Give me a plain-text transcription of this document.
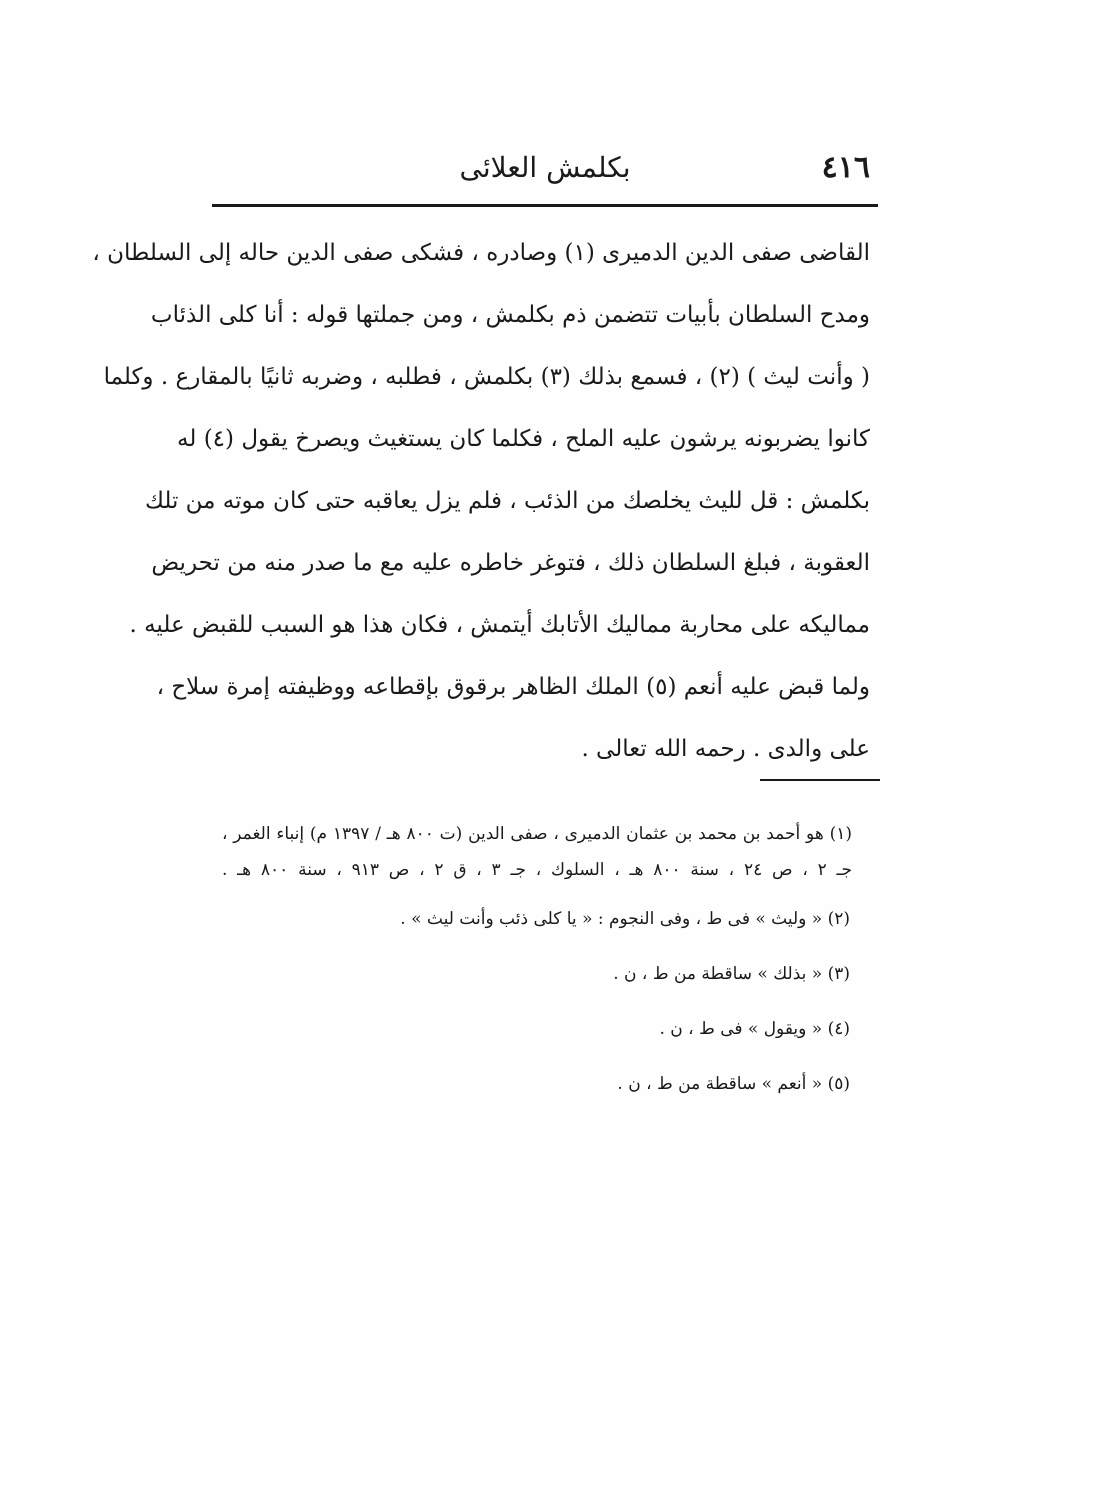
٤١٦
بكلمش العلائى
القاضى صفى الدين الدميرى (١) وصادره ، فشكى صفى الدين حاله إلى السلطان ،
ومدح السلطان بأبيات تتضمن ذم بكلمش ، ومن جملتها قوله : أنا كلى الذئاب
( وأنت ليث ) (٢) ، فسمع بذلك (٣) بكلمش ، فطلبه ، وضربه ثانيًا بالمقارع . وكلما
كانوا يضربونه يرشون عليه الملح ، فكلما كان يستغيث ويصرخ يقول (٤) له
بكلمش : قل لليث يخلصك من الذئب ، فلم يزل يعاقبه حتى كان موته من تلك
العقوبة ، فبلغ السلطان ذلك ، فتوغر خاطره عليه مع ما صدر منه من تحريض
مماليكه على محاربة مماليك الأتابك أيتمش ، فكان هذا هو السبب للقبض عليه .
ولما قبض عليه أنعم (٥) الملك الظاهر برقوق بإقطاعه ووظيفته إمرة سلاح ،
على والدى . رحمه الله تعالى .
(١) هو أحمد بن محمد بن عثمان الدميرى ، صفى الدين (ت ٨٠٠ هـ / ١٣٩٧ م) إنباء الغمر ،
جـ ٢ ، ص ٢٤ ، سنة ٨٠٠ هـ ، السلوك ، جـ ٣ ، ق ٢ ، ص ٩١٣ ، سنة ٨٠٠ هـ .
(٢) « وليث » فى ط ، وفى النجوم : « يا كلى ذئب وأنت ليث » .
(٣) « بذلك » ساقطة من ط ، ن .
(٤) « ويقول » فى ط ، ن .
(٥) « أنعم » ساقطة من ط ، ن .
